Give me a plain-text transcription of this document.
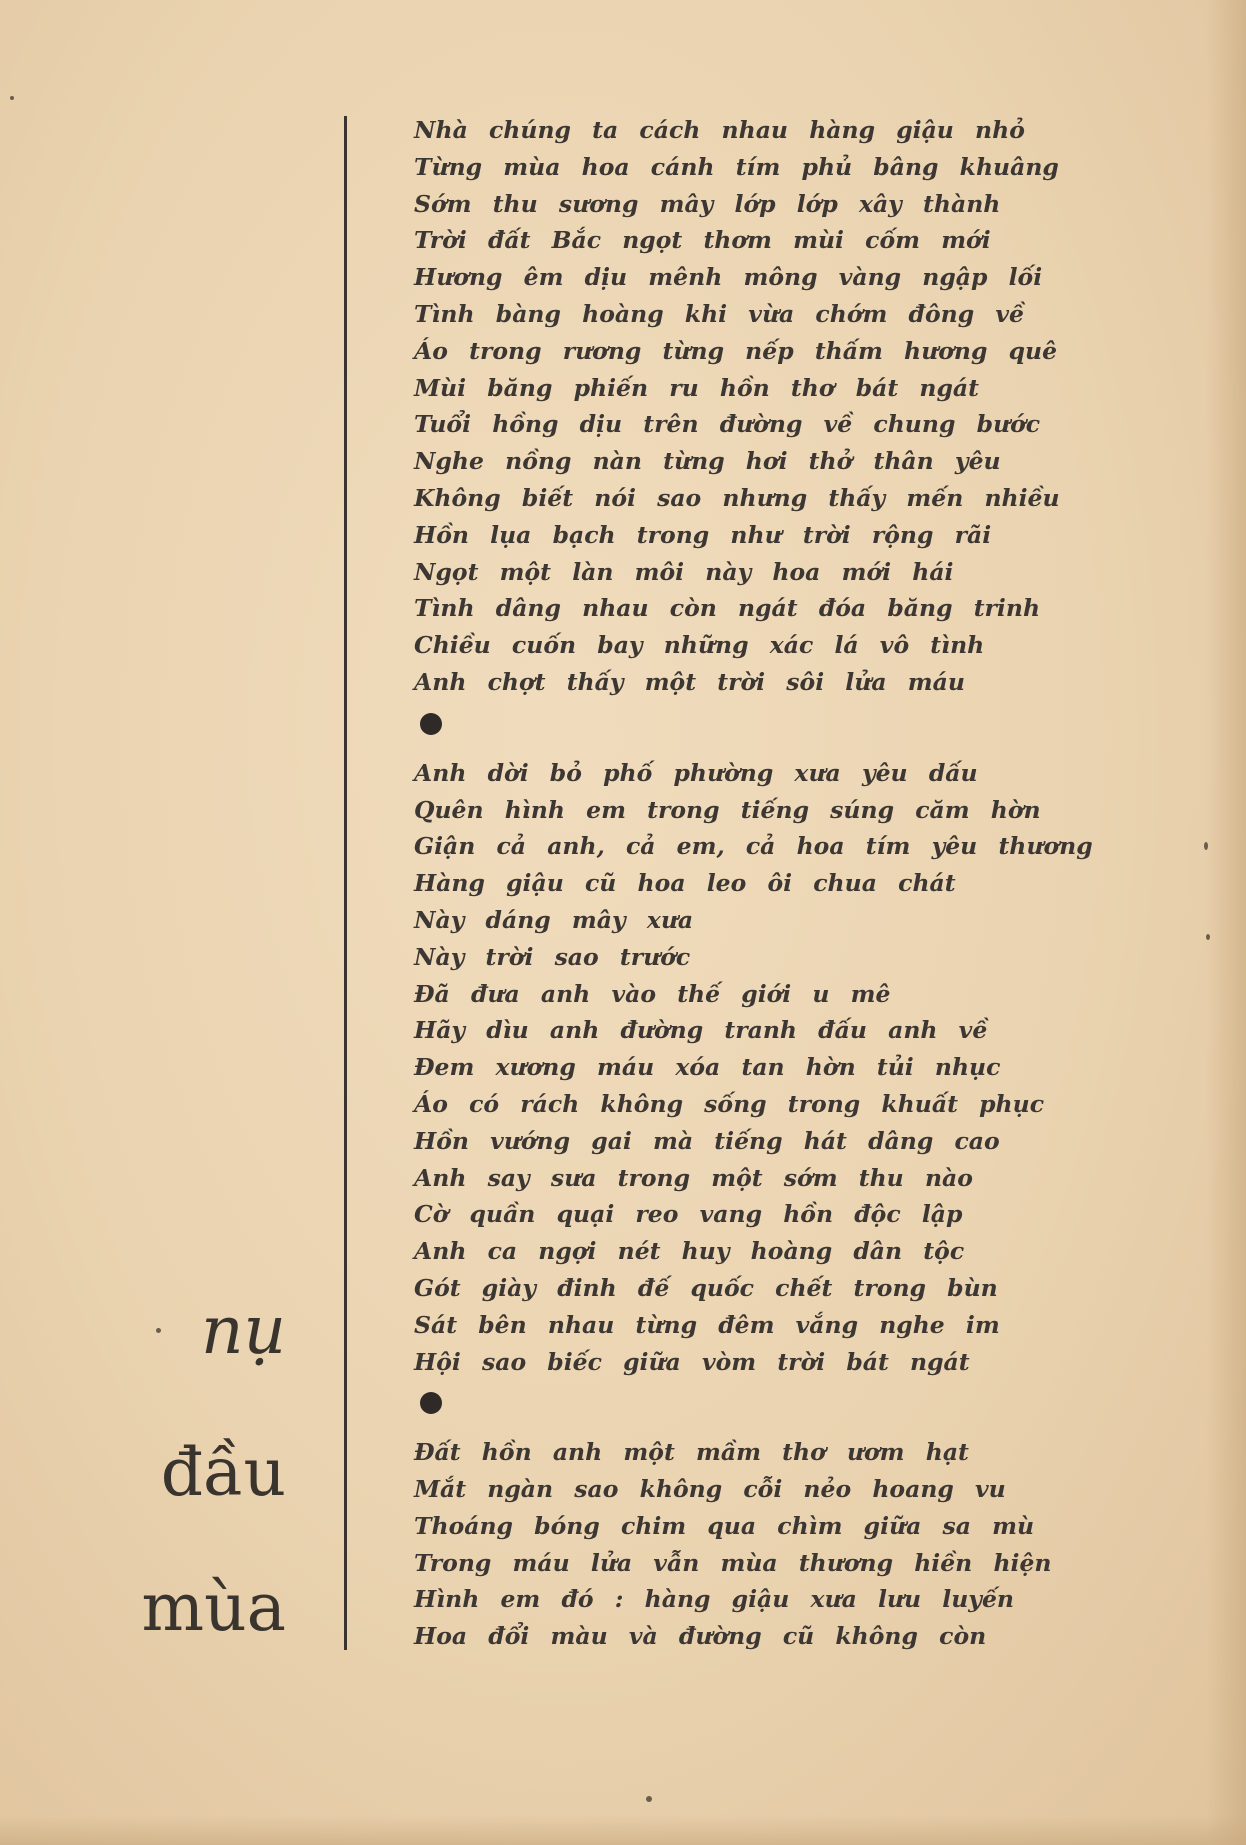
nụ
đầu
mùa
Nhà chúng ta cách nhau hàng giậu nhỏ
Từng mùa hoa cánh tím phủ bâng khuâng
Sớm thu sương mây lớp lớp xây thành
Trời đất Bắc ngọt thơm mùi cốm mới
Hương êm dịu mênh mông vàng ngập lối
Tình bàng hoàng khi vừa chớm đông về
Áo trong rương từng nếp thấm hương quê
Mùi băng phiến ru hồn thơ bát ngát
Tuổi hồng dịu trên đường về chung bước
Nghe nồng nàn từng hơi thở thân yêu
Không biết nói sao nhưng thấy mến nhiều
Hồn lụa bạch trong như trời rộng rãi
Ngọt một làn môi này hoa mới hái
Tình dâng nhau còn ngát đóa băng trinh
Chiều cuốn bay những xác lá vô tình
Anh chợt thấy một trời sôi lửa máu
Anh dời bỏ phố phường xưa yêu dấu
Quên hình em trong tiếng súng căm hờn
Giận cả anh, cả em, cả hoa tím yêu thương
Hàng giậu cũ hoa leo ôi chua chát
Này dáng mây xưa
Này trời sao trước
Đã đưa anh vào thế giới u mê
Hãy dìu anh đường tranh đấu anh về
Đem xương máu xóa tan hờn tủi nhục
Áo có rách không sống trong khuất phục
Hồn vướng gai mà tiếng hát dâng cao
Anh say sưa trong một sớm thu nào
Cờ quần quại reo vang hồn độc lập
Anh ca ngợi nét huy hoàng dân tộc
Gót giày đinh đế quốc chết trong bùn
Sát bên nhau từng đêm vắng nghe im
Hội sao biếc giữa vòm trời bát ngát
Đất hồn anh một mầm thơ ươm hạt
Mắt ngàn sao không cỗi nẻo hoang vu
Thoáng bóng chim qua chìm giữa sa mù
Trong máu lửa vẫn mùa thương hiền hiện
Hình em đó : hàng giậu xưa lưu luyến
Hoa đổi màu và đường cũ không còn
